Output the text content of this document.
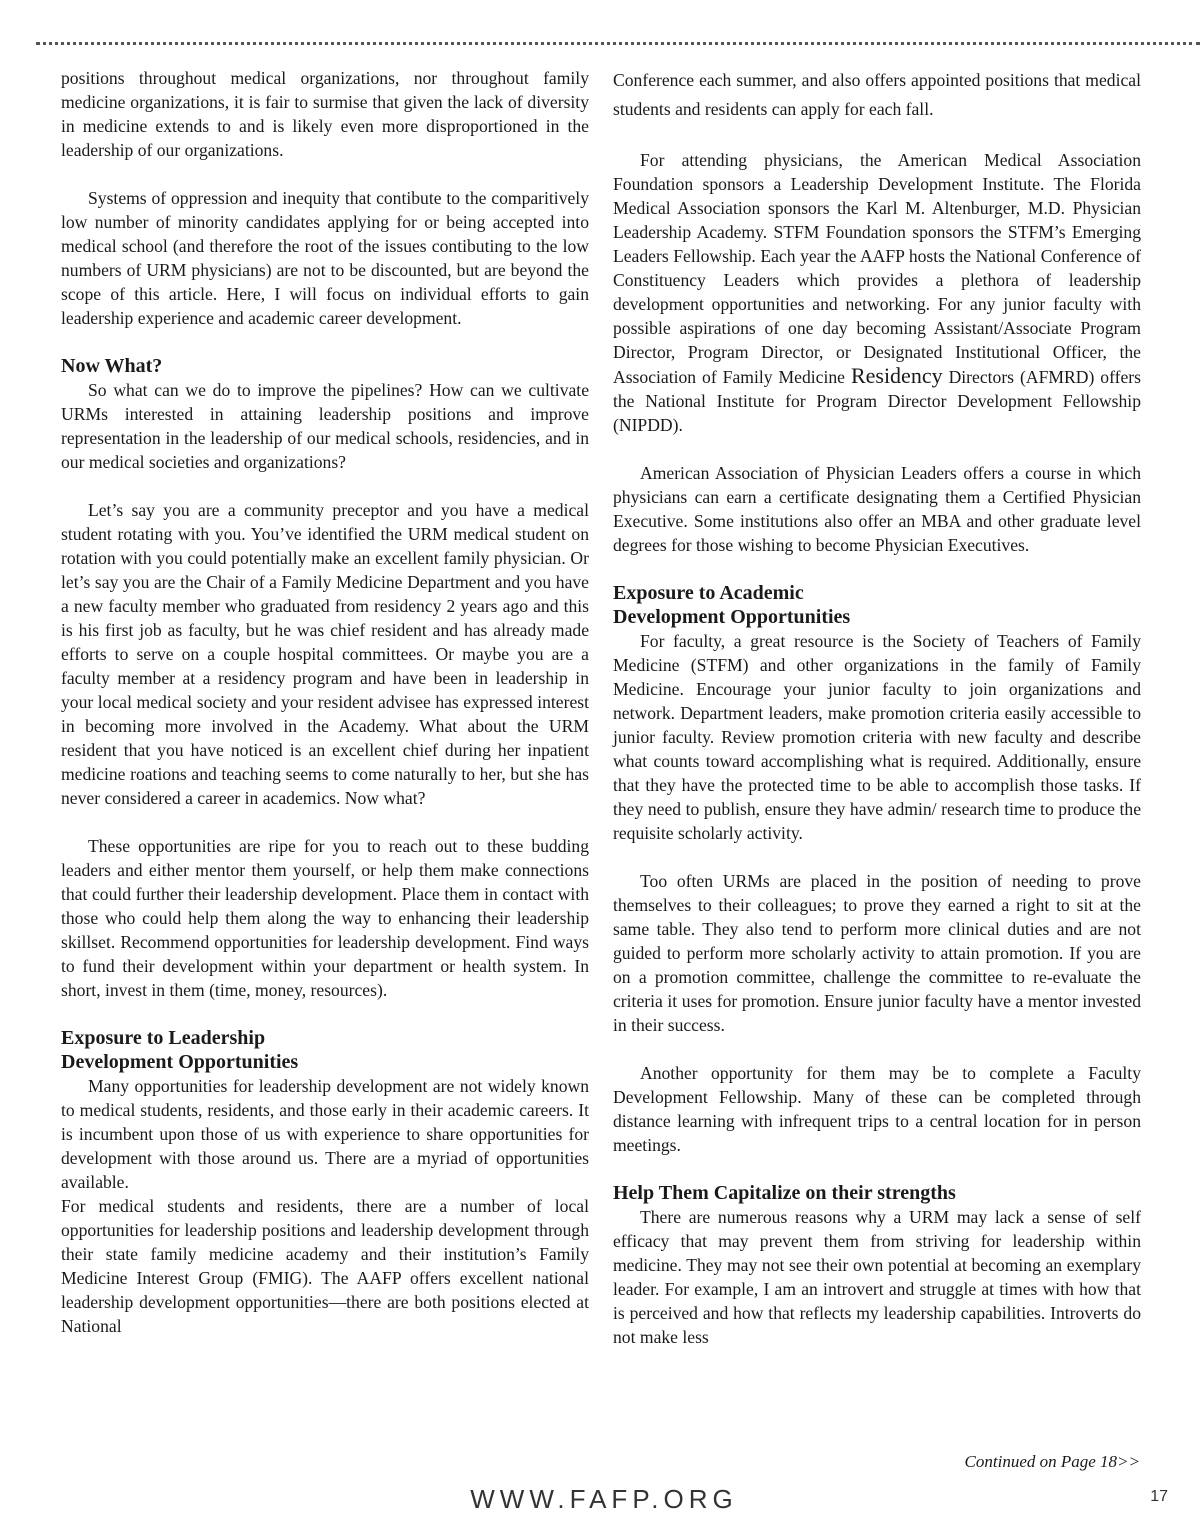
positions throughout medical organizations, nor throughout family medicine organizations, it is fair to surmise that given the lack of diversity in medicine extends to and is likely even more disproportioned in the leadership of our organizations.

Systems of oppression and inequity that contibute to the comparitively low number of minority candidates applying for or being accepted into medical school (and therefore the root of the issues contibuting to the low numbers of URM physicians) are not to be discounted, but are beyond the scope of this article. Here, I will focus on individual efforts to gain leadership experience and academic career development.

Now What?

So what can we do to improve the pipelines? How can we cultivate URMs interested in attaining leadership positions and improve representation in the leadership of our medical schools, residencies, and in our medical societies and organizations?

Let’s say you are a community preceptor and you have a medical student rotating with you. You’ve identified the URM medical student on rotation with you could potentially make an excellent family physician. Or let’s say you are the Chair of a Family Medicine Department and you have a new faculty member who graduated from residency 2 years ago and this is his first job as faculty, but he was chief resident and has already made efforts to serve on a couple hospital committees. Or maybe you are a faculty member at a residency program and have been in leadership in your local medical society and your resident advisee has expressed interest in becoming more involved in the Academy. What about the URM resident that you have noticed is an excellent chief during her inpatient medicine roations and teaching seems to come naturally to her, but she has never considered a career in academics. Now what?

These opportunities are ripe for you to reach out to these budding leaders and either mentor them yourself, or help them make connections that could further their leadership development. Place them in contact with those who could help them along the way to enhancing their leadership skillset. Recommend opportunities for leadership development. Find ways to fund their development within your department or health system. In short, invest in them (time, money, resources).

Exposure to Leadership
Development Opportunities

Many opportunities for leadership development are not widely known to medical students, residents, and those early in their academic careers. It is incumbent upon those of us with experience to share opportunities for development with those around us. There are a myriad of opportunities available.

For medical students and residents, there are a number of local opportunities for leadership positions and leadership development through their state family medicine academy and their institution’s Family Medicine Interest Group (FMIG). The AAFP offers excellent national leadership development opportunities—there are both positions elected at National

Conference each summer, and also offers appointed positions that medical students and residents can apply for each fall.

For attending physicians, the American Medical Association Foundation sponsors a Leadership Development Institute. The Florida Medical Association sponsors the Karl M. Altenburger, M.D. Physician Leadership Academy. STFM Foundation sponsors the STFM’s Emerging Leaders Fellowship. Each year the AAFP hosts the National Conference of Constituency Leaders which provides a plethora of leadership development opportunities and networking. For any junior faculty with possible aspirations of one day becoming Assistant/Associate Program Director, Program Director, or Designated Institutional Officer, the Association of Family Medicine Residency Directors (AFMRD) offers the National Institute for Program Director Development Fellowship (NIPDD).

American Association of Physician Leaders offers a course in which physicians can earn a certificate designating them a Certified Physician Executive. Some institutions also offer an MBA and other graduate level degrees for those wishing to become Physician Executives.

Exposure to Academic
Development Opportunities

For faculty, a great resource is the Society of Teachers of Family Medicine (STFM) and other organizations in the family of Family Medicine. Encourage your junior faculty to join organizations and network. Department leaders, make promotion criteria easily accessible to junior faculty. Review promotion criteria with new faculty and describe what counts toward accomplishing what is required. Additionally, ensure that they have the protected time to be able to accomplish those tasks. If they need to publish, ensure they have admin/ research time to produce the requisite scholarly activity.

Too often URMs are placed in the position of needing to prove themselves to their colleagues; to prove they earned a right to sit at the same table. They also tend to perform more clinical duties and are not guided to perform more scholarly activity to attain promotion. If you are on a promotion committee, challenge the committee to re-evaluate the criteria it uses for promotion. Ensure junior faculty have a mentor invested in their success.

Another opportunity for them may be to complete a Faculty Development Fellowship. Many of these can be completed through distance learning with infrequent trips to a central location for in person meetings.

Help Them Capitalize on their strengths

There are numerous reasons why a URM may lack a sense of self efficacy that may prevent them from striving for leadership within medicine. They may not see their own potential at becoming an exemplary leader. For example, I am an introvert and struggle at times with how that is perceived and how that reflects my leadership capabilities. Introverts do not make less

Continued on Page 18>>
WWW.FAFP.ORG	17
